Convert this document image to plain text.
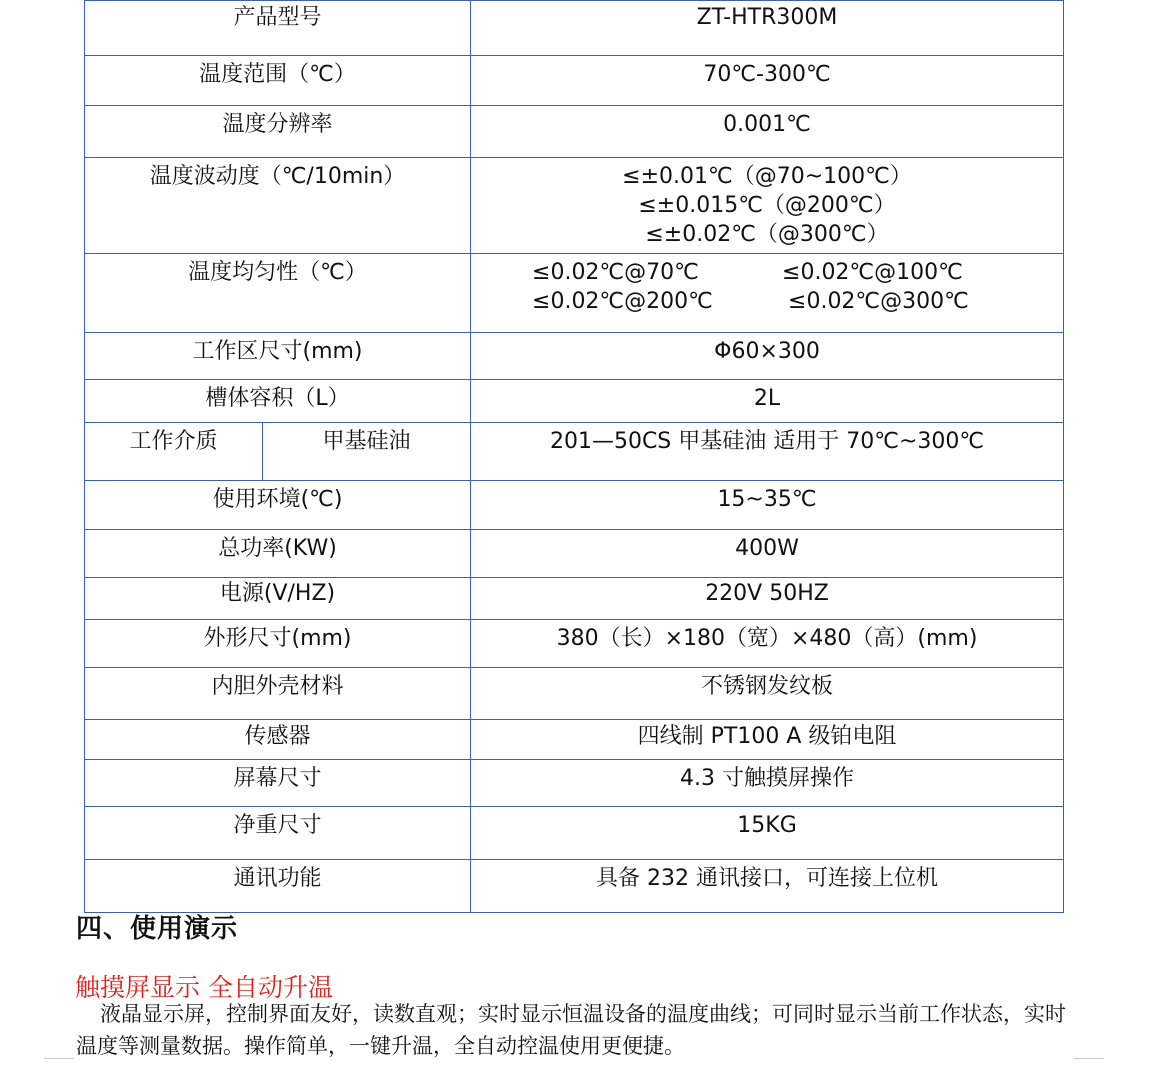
产品型号		ZT-HTR300M
温度范围（℃）		70℃-300℃
温度分辨率		0.001℃
温度波动度（℃/10min）		≤±0.01℃（@70~100℃）
≤±0.015℃（@200℃）
≤±0.02℃（@300℃）

温度均匀性（℃）		≤0.02℃@70℃ ≤0.02℃@100℃
≤0.02℃@200℃ ≤0.02℃@300℃

工作区尺寸(mm)		Φ60×300
槽体容积（L）		2L
工作介质	甲基硅油	201—50CS 甲基硅油 适用于 70℃~300℃
使用环境(℃)		15~35℃
总功率(KW)		400W
电源(V/HZ)		220V 50HZ
外形尺寸(mm)		380（长）×180（宽）×480（高）(mm)
内胆外壳材料		不锈钢发纹板
传感器		四线制 PT100 A 级铂电阻
屏幕尺寸		4.3 寸触摸屏操作
净重尺寸		15KG
通讯功能		具备 232 通讯接口，可连接上位机
四、使用演示
触摸屏显示 全自动升温
液晶显示屏，控制界面友好，读数直观；实时显示恒温设备的温度曲线；可同时显示当前工作状态，实时温度等测量数据。操作简单，一键升温，全自动控温使用更便捷。
